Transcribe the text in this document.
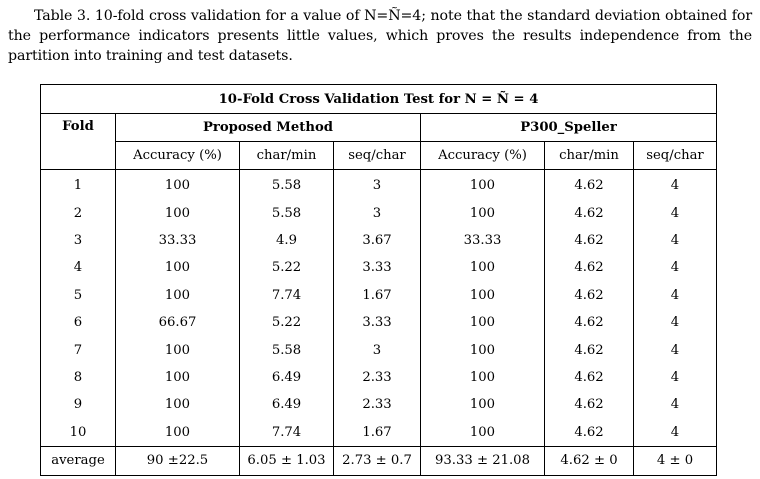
Table 3. 10-fold cross validation for a value of N=Ñ=4; note that the standard deviation obtained for the performance indicators presents little values, which proves the results independence from the partition into training and test datasets.
10-Fold Cross Validation Test for N = Ñ = 4						
Fold	Proposed Method			P300_Speller		
	Accuracy (%)	char/min	seq/char	Accuracy (%)	char/min	seq/char
1	100	5.58	3	100	4.62	4
2	100	5.58	3	100	4.62	4
3	33.33	4.9	3.67	33.33	4.62	4
4	100	5.22	3.33	100	4.62	4
5	100	7.74	1.67	100	4.62	4
6	66.67	5.22	3.33	100	4.62	4
7	100	5.58	3	100	4.62	4
8	100	6.49	2.33	100	4.62	4
9	100	6.49	2.33	100	4.62	4
10	100	7.74	1.67	100	4.62	4
average	90 ±22.5	6.05 ± 1.03	2.73 ± 0.7	93.33 ± 21.08	4.62 ± 0	4 ± 0
